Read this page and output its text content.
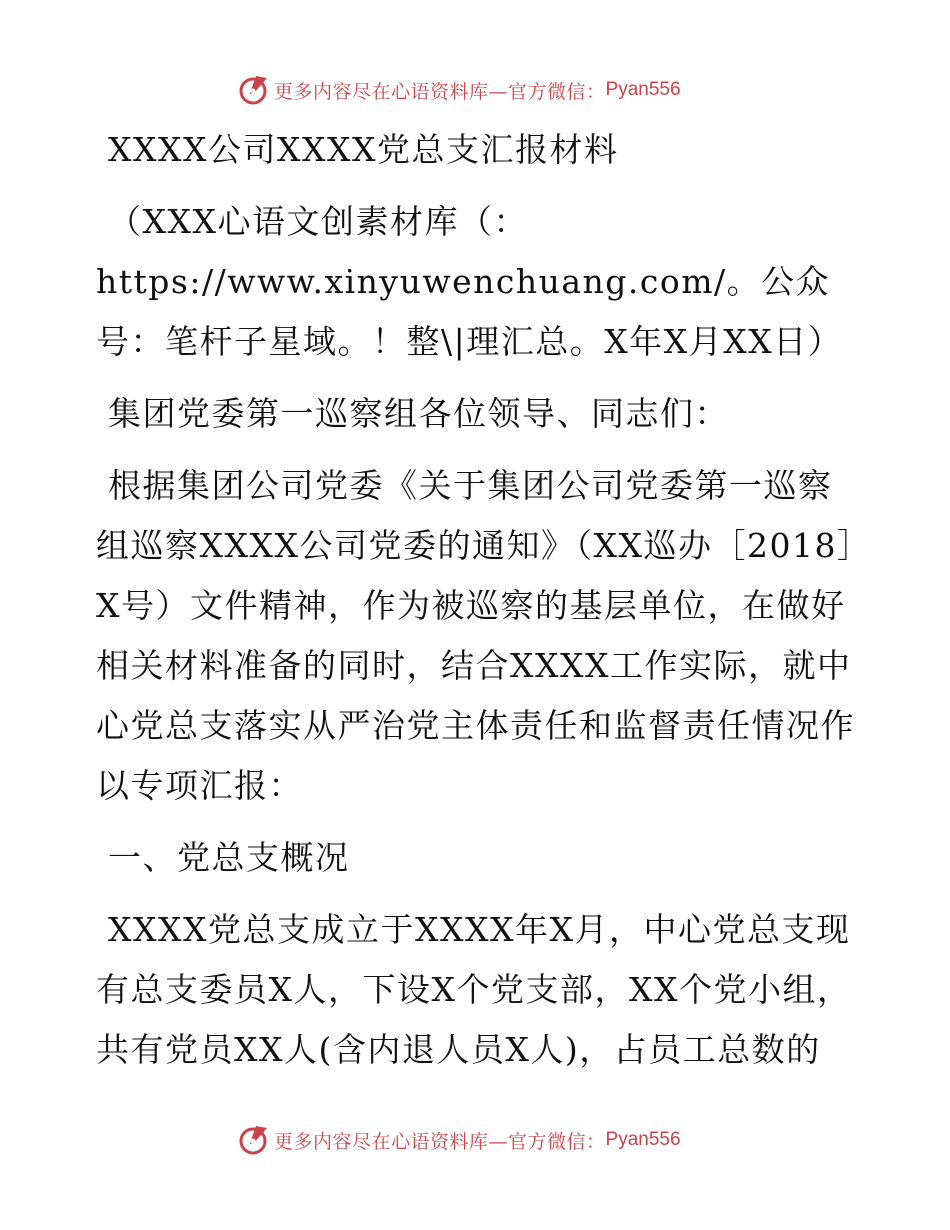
更多内容尽在心语资料库—官方微信： Pyan556

XXXX公司XXXX党总支汇报材料

（XXX心语文创素材库（：https://www.xinyuwenchuang.com/。公众号：笔杆子星域。！整\|理汇总。X年X月XX日）

集团党委第一巡察组各位领导、同志们：

根据集团公司党委《关于集团公司党委第一巡察组巡察XXXX公司党委的通知》（XX巡办［2018］X号）文件精神，作为被巡察的基层单位，在做好相关材料准备的同时，结合XXXX工作实际，就中心党总支落实从严治党主体责任和监督责任情况作以专项汇报：

一、党总支概况

XXXX党总支成立于XXXX年X月，中心党总支现有总支委员X人，下设X个党支部，XX个党小组，共有党员XX人(含内退人员X人)，占员工总数的

更多内容尽在心语资料库—官方微信： Pyan556
